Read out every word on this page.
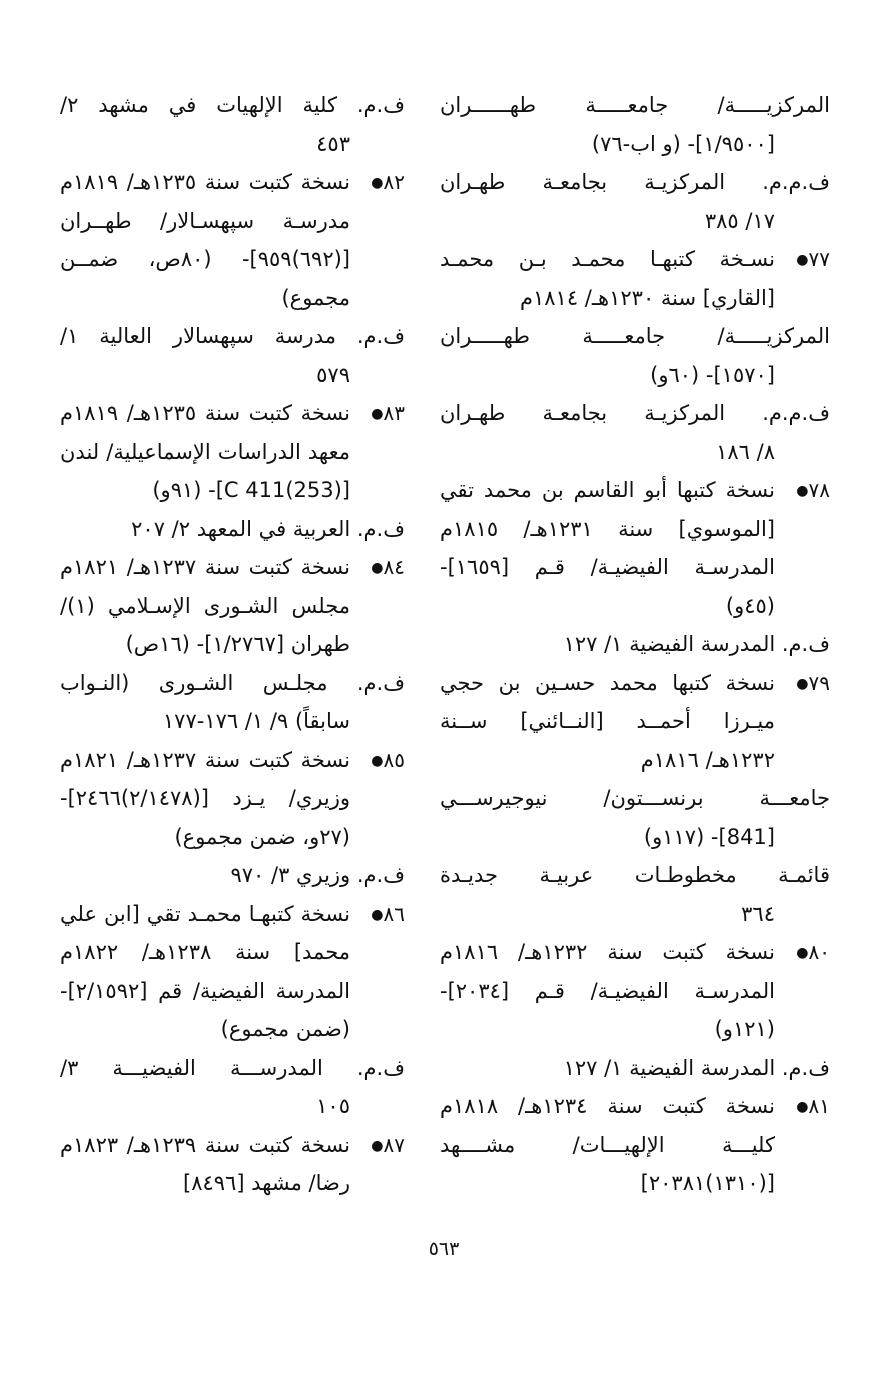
المركزيـــــة/ جامعـــــة طهــــــران
[١/٩٥٠٠]- (و اب-٧٦)
ف.م.م. المركزيـة بجامعـة طهـران
١٧/ ٣٨٥
٧٧●
نسـخة كتبهـا محمـد بـن محمـد
[القاري] سنة ١٢٣٠هـ/ ١٨١٤م
المركزيـــــة/ جامعـــــة طهـــــران
[١٥٧٠]- (٦٠و)
ف.م.م. المركزيـة بجامعـة طهـران
٨/ ١٨٦
٧٨●
نسخة كتبها أبو القاسم بن محمد تقي
[الموسوي] سنة ١٢٣١هـ/ ١٨١٥م
المدرسـة الفيضيـة/ قـم [١٦٥٩]-
(٤٥و)
ف.م. المدرسة الفيضية ١/ ١٢٧
٧٩●
نسخة كتبها محمد حسـين بن حجي
ميـرزا أحمــد [النــائني] ســنة
١٢٣٢هـ/ ١٨١٦م
جامعـــة برنســـتون/ نيوجيرســـي
[841]- (١١٧و)
قائمـة مخطوطـات عربيـة جديـدة
٣٦٤
٨٠●
نسخة كتبت سنة ١٢٣٢هـ/ ١٨١٦م
المدرسـة الفيضيـة/ قـم [٢٠٣٤]-
(١٢١و)
ف.م. المدرسة الفيضية ١/ ١٢٧
٨١●
نسخة كتبت سنة ١٢٣٤هـ/ ١٨١٨م
كليـــة الإلهيـــات/ مشــــهد
[(١٣١٠)٢٠٣٨١]
ف.م. كلية الإلهيات في مشهد ٢/
٤٥٣
٨٢●
نسخة كتبت سنة ١٢٣٥هـ/ ١٨١٩م
مدرسـة سپهسـالار/ طهــران
[(٦٩٢)٩٥٩]- (٨٠ص، ضمــن
مجموع)
ف.م. مدرسة سپهسالار العالية ١/
٥٧٩
٨٣●
نسخة كتبت سنة ١٢٣٥هـ/ ١٨١٩م
معهد الدراسات الإسماعيلية/ لندن
[(253)C 411]- (٩١و)
ف.م. العربية في المعهد ٢/ ٢٠٧
٨٤●
نسخة كتبت سنة ١٢٣٧هـ/ ١٨٢١م
مجلس الشـورى الإسـلامي (١)/
طهران [١/٢٧٦٧]- (١٦ص)
ف.م. مجلـس الشـورى (النـواب
سابقاً) ٩/ ١/ ١٧٦-١٧٧
٨٥●
نسخة كتبت سنة ١٢٣٧هـ/ ١٨٢١م
وزيري/ يـزد [(٢/١٤٧٨)٢٤٦٦]-
(٢٧و، ضمن مجموع)
ف.م. وزيري ٣/ ٩٧٠
٨٦●
نسخة كتبهـا محمـد تقي [ابن علي
محمد] سنة ١٢٣٨هـ/ ١٨٢٢م
المدرسة الفيضية/ قم [٢/١٥٩٢]-
(ضمن مجموع)
ف.م. المدرســـة الفيضيـــة ٣/
١٠٥
٨٧●
نسخة كتبت سنة ١٢٣٩هـ/ ١٨٢٣م
رضا/ مشهد [٨٤٩٦]
٥٦٣
